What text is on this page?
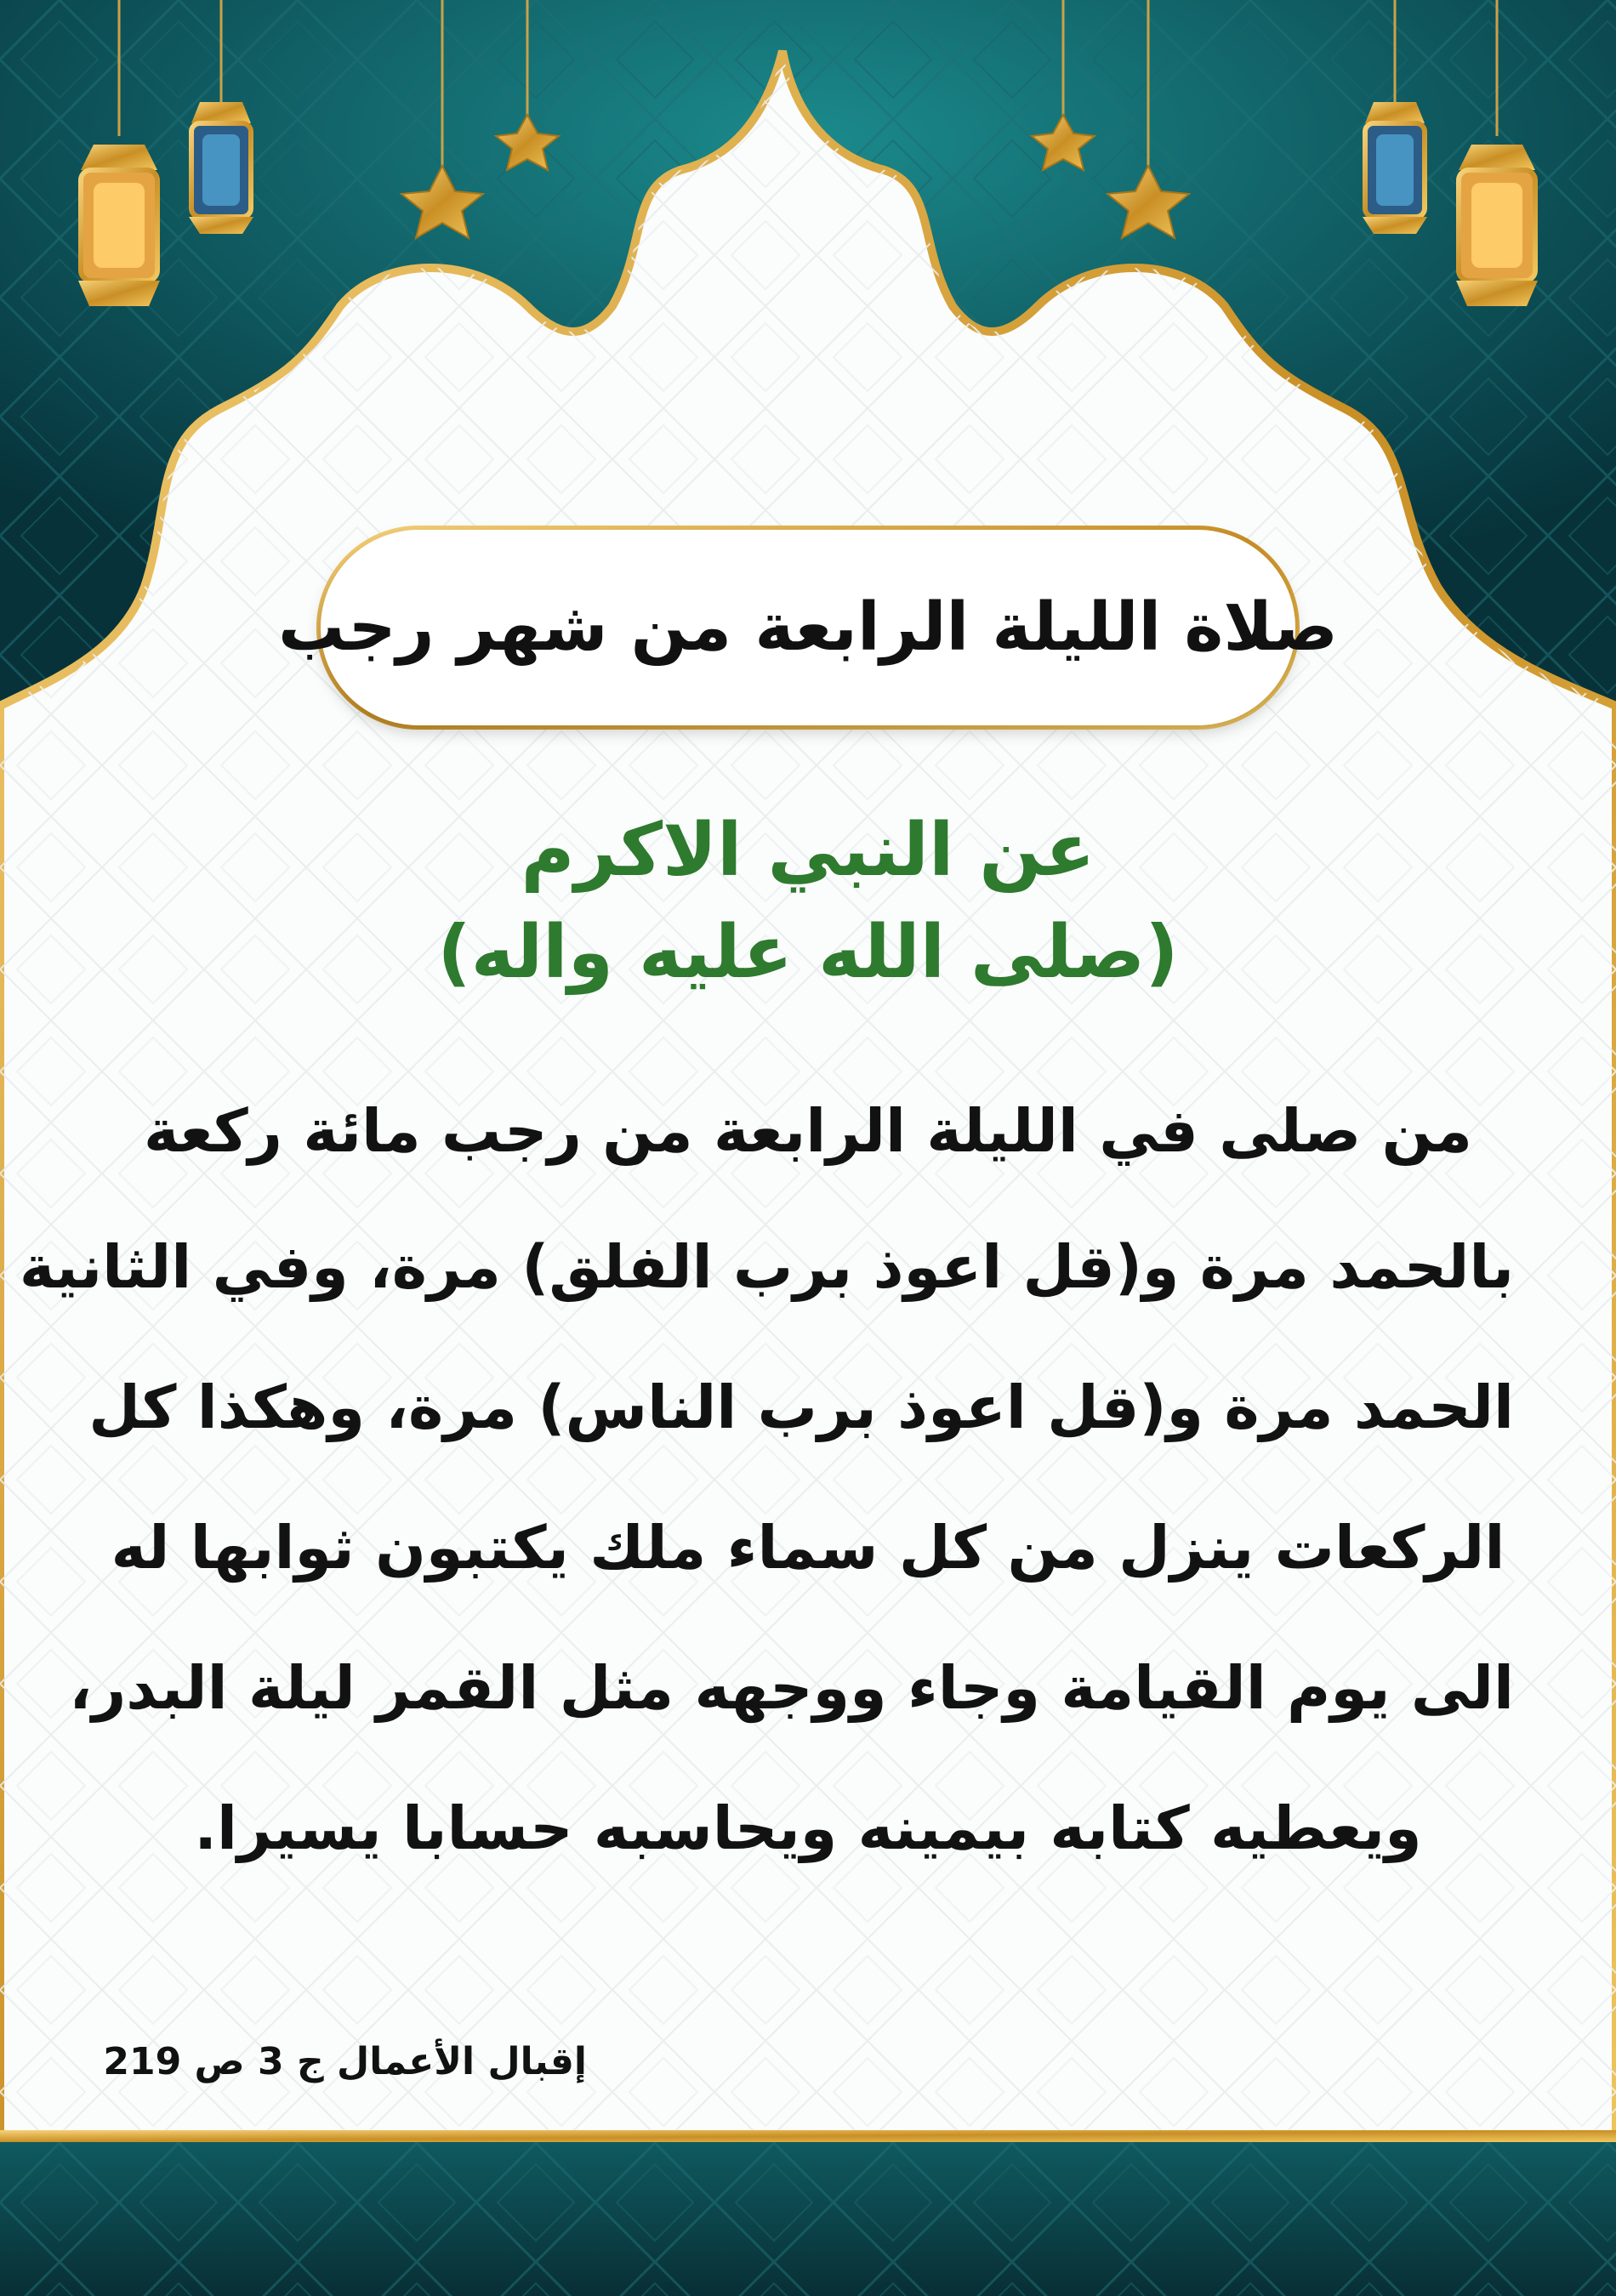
صلاة الليلة الرابعة من شهر رجب
عن النبي الاكرم
(صلى الله عليه واله)
من صلى في الليلة الرابعة من رجب مائة ركعة
بالحمد مرة و(قل اعوذ برب الفلق) مرة، وفي الثانية
الحمد مرة و(قل اعوذ برب الناس) مرة، وهكذا كل
الركعات ينزل من كل سماء ملك يكتبون ثوابها له
الى يوم القيامة وجاء ووجهه مثل القمر ليلة البدر،
ويعطيه كتابه بيمينه ويحاسبه حسابا يسيرا.
إقبال الأعمال ج 3 ص 219
